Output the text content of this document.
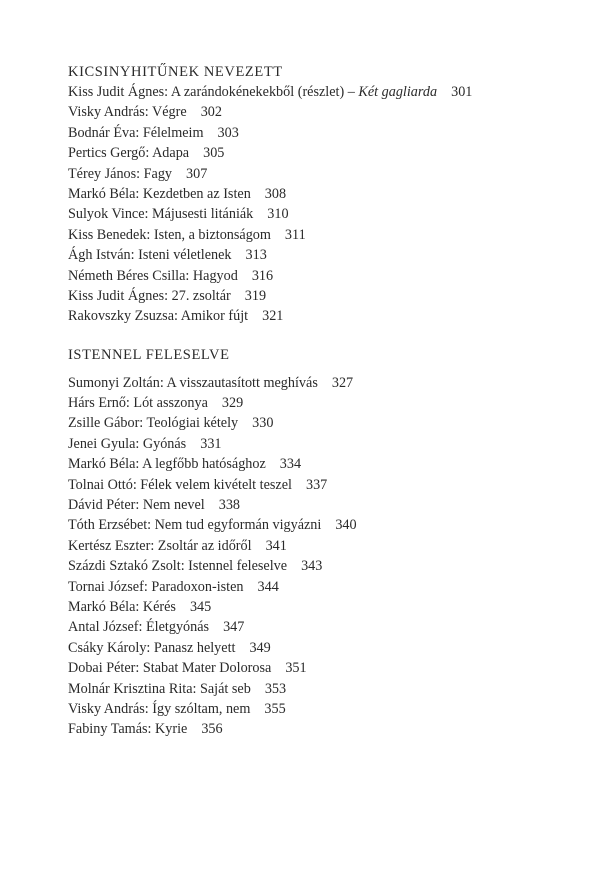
KICSINYHITŰNEK NEVEZETT
Kiss Judit Ágnes: A zarándokénekekből (részlet) – Két gagliarda 301
Visky András: Végre 302
Bodnár Éva: Félelmeim 303
Pertics Gergő: Adapa 305
Térey János: Fagy 307
Markó Béla: Kezdetben az Isten 308
Sulyok Vince: Májusesti litániák 310
Kiss Benedek: Isten, a biztonságom 311
Ágh István: Isteni véletlenek 313
Németh Béres Csilla: Hagyod 316
Kiss Judit Ágnes: 27. zsoltár 319
Rakovszky Zsuzsa: Amikor fújt 321
ISTENNEL FELESELVE
Sumonyi Zoltán: A visszautasított meghívás 327
Hárs Ernő: Lót asszonya 329
Zsille Gábor: Teológiai kétely 330
Jenei Gyula: Gyónás 331
Markó Béla: A legfőbb hatósághoz 334
Tolnai Ottó: Félek velem kivételt teszel 337
Dávid Péter: Nem nevel 338
Tóth Erzsébet: Nem tud egyformán vigyázni 340
Kertész Eszter: Zsoltár az időről 341
Százdi Sztakó Zsolt: Istennel feleselve 343
Tornai József: Paradoxon-isten 344
Markó Béla: Kérés 345
Antal József: Életgyónás 347
Csáky Károly: Panasz helyett 349
Dobai Péter: Stabat Mater Dolorosa 351
Molnár Krisztina Rita: Saját seb 353
Visky András: Így szóltam, nem 355
Fabiny Tamás: Kyrie 356
